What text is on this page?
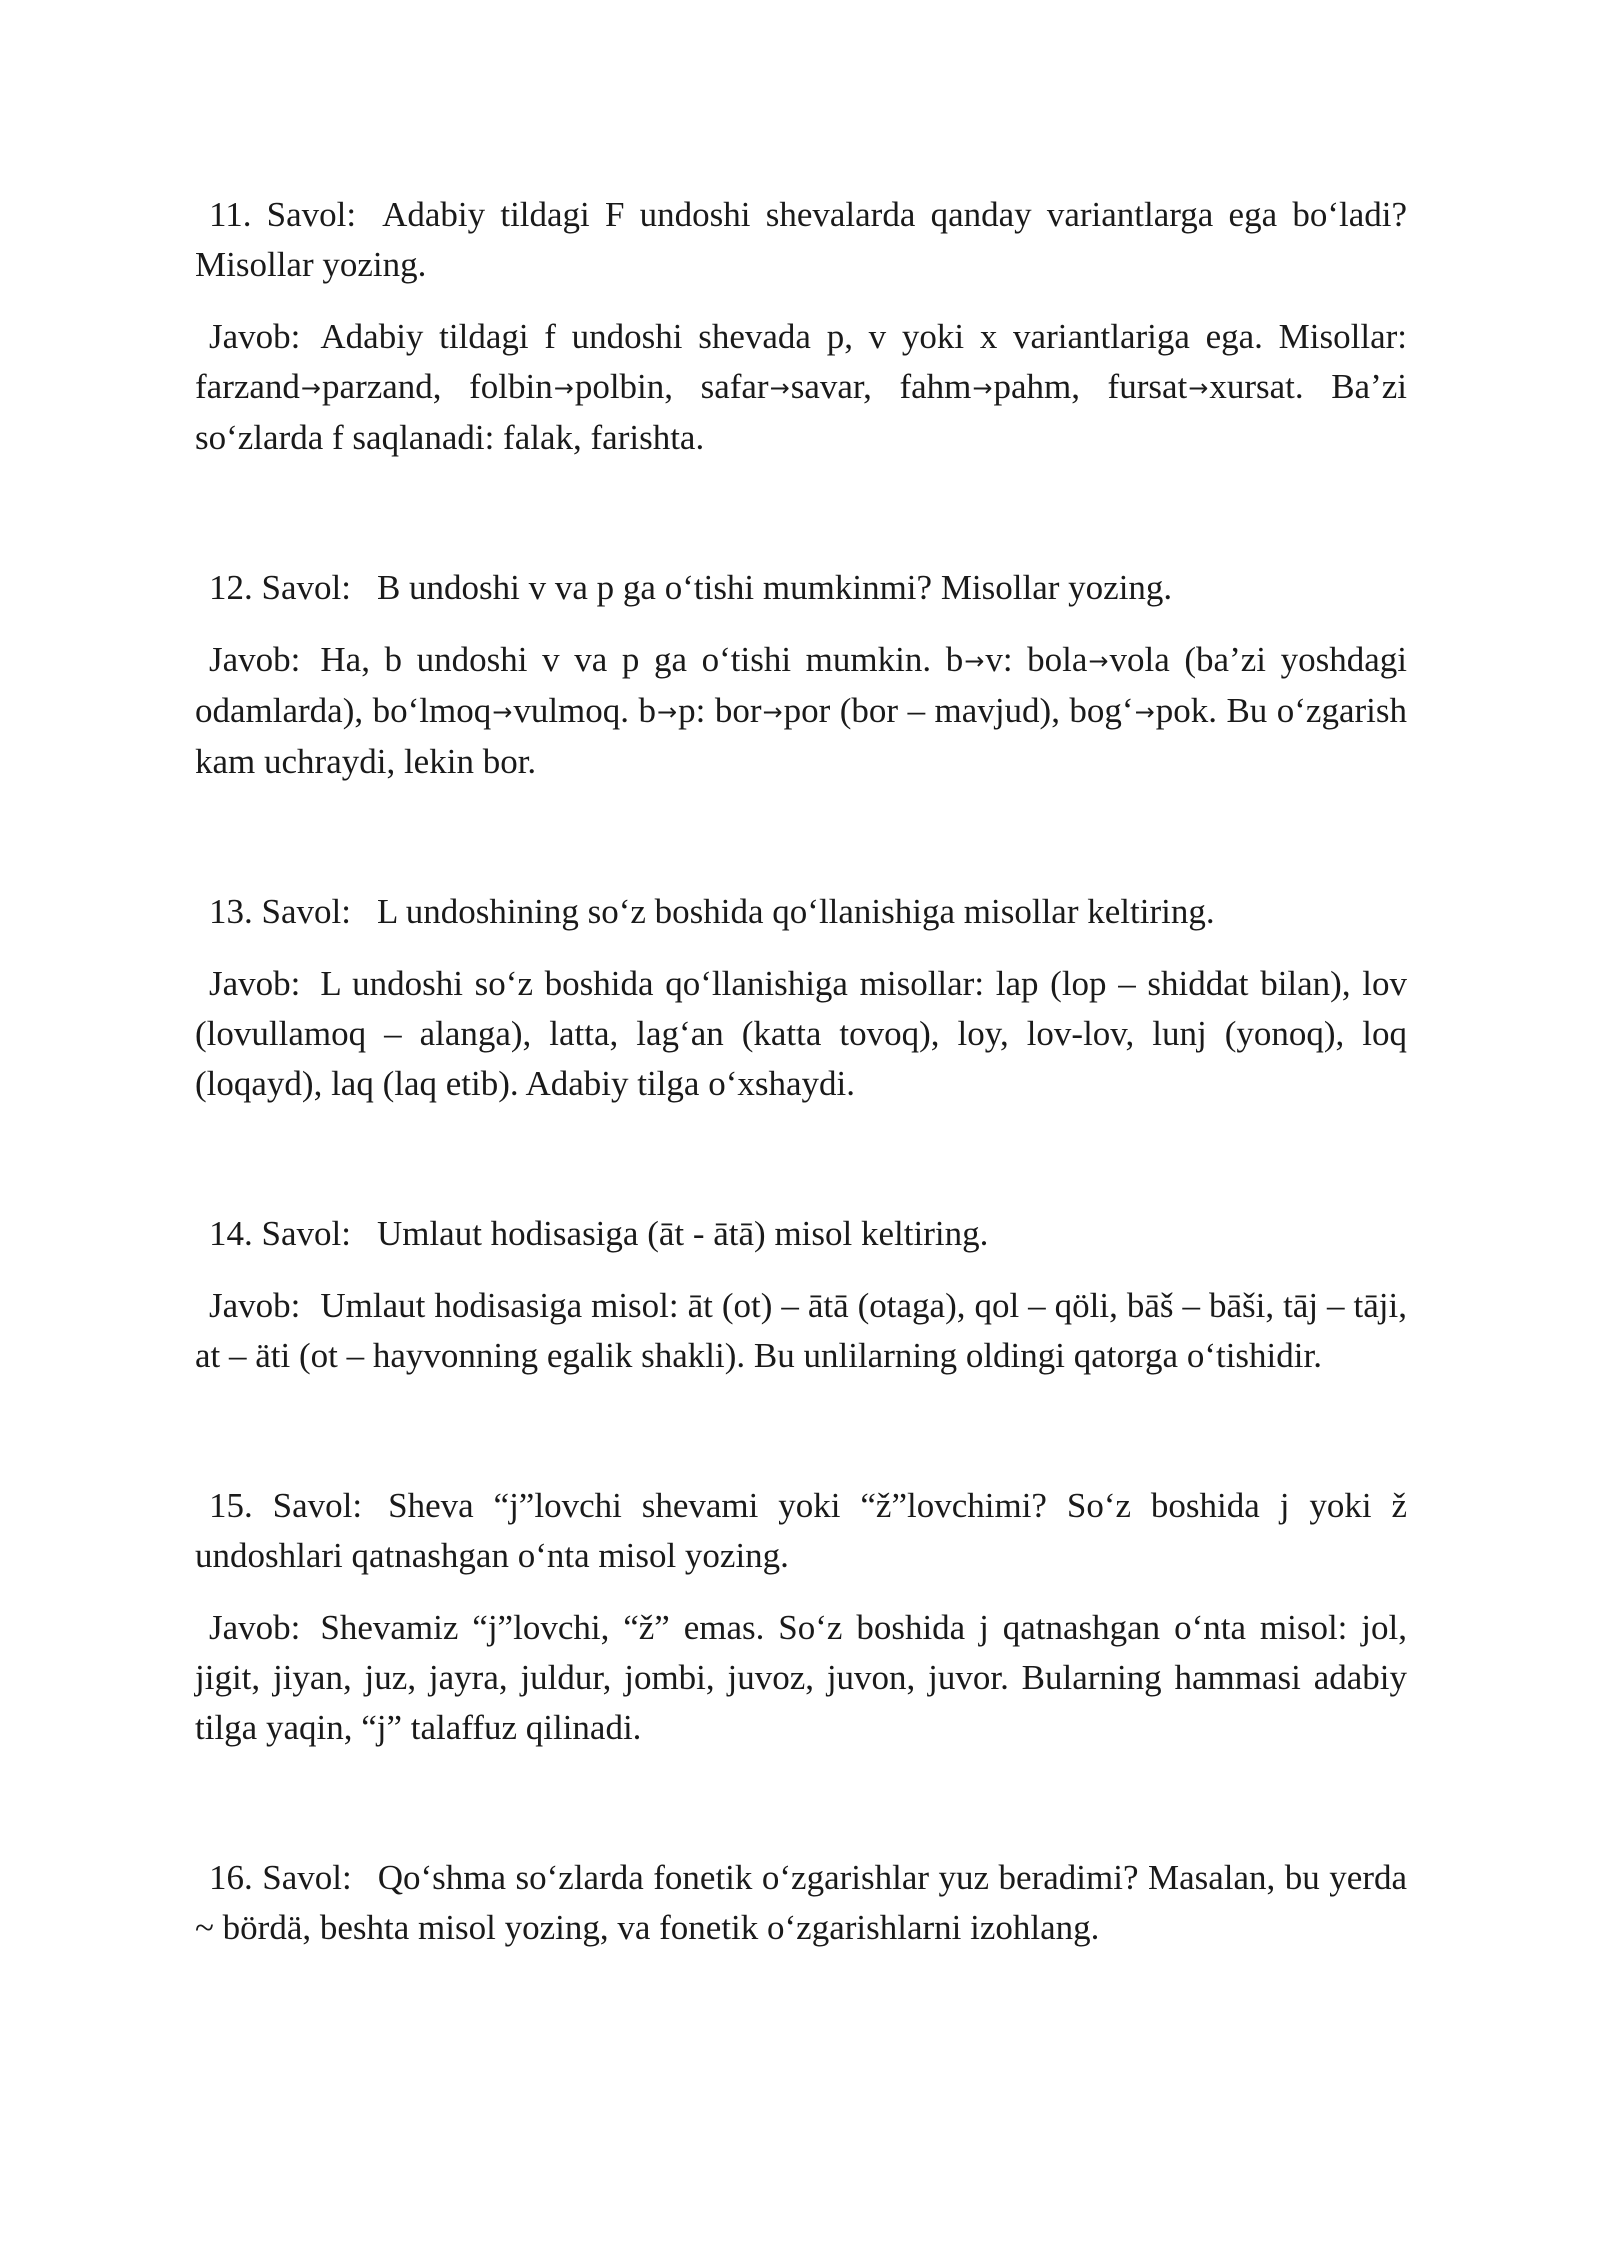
11. Savol: Adabiy tildagi F undoshi shevalarda qanday variantlarga ega bo‘ladi? Misollar yozing.

Javob: Adabiy tildagi f undoshi shevada p, v yoki x variantlariga ega. Misollar: farzand→parzand, folbin→polbin, safar→savar, fahm→pahm, fursat→xursat. Ba’zi so‘zlarda f saqlanadi: falak, farishta.

12. Savol: B undoshi v va p ga o‘tishi mumkinmi? Misollar yozing.

Javob: Ha, b undoshi v va p ga o‘tishi mumkin. b→v: bola→vola (ba’zi yoshdagi odamlarda), bo‘lmoq→vulmoq. b→p: bor→por (bor – mavjud), bog‘→pok. Bu o‘zgarish kam uchraydi, lekin bor.

13. Savol: L undoshining so‘z boshida qo‘llanishiga misollar keltiring.

Javob: L undoshi so‘z boshida qo‘llanishiga misollar: lap (lop – shiddat bilan), lov (lovullamoq – alanga), latta, lag‘an (katta tovoq), loy, lov-lov, lunj (yonoq), loq (loqayd), laq (laq etib). Adabiy tilga o‘xshaydi.

14. Savol: Umlaut hodisasiga (āt - ātā) misol keltiring.

Javob: Umlaut hodisasiga misol: āt (ot) – ātā (otaga), qol – qöli, bāš – bāši, tāj – tāji, at – äti (ot – hayvonning egalik shakli). Bu unlilarning oldingi qatorga o‘tishidir.

15. Savol: Sheva “j”lovchi shevami yoki “ž”lovchimi? So‘z boshida j yoki ž undoshlari qatnashgan o‘nta misol yozing.

Javob: Shevamiz “j”lovchi, “ž” emas. So‘z boshida j qatnashgan o‘nta misol: jol, jigit, jiyan, juz, jayra, juldur, jombi, juvoz, juvon, juvor. Bularning hammasi adabiy tilga yaqin, “j” talaffuz qilinadi.

16. Savol: Qo‘shma so‘zlarda fonetik o‘zgarishlar yuz beradimi? Masalan, bu yerda ~ bördä, beshta misol yozing, va fonetik o‘zgarishlarni izohlang.
